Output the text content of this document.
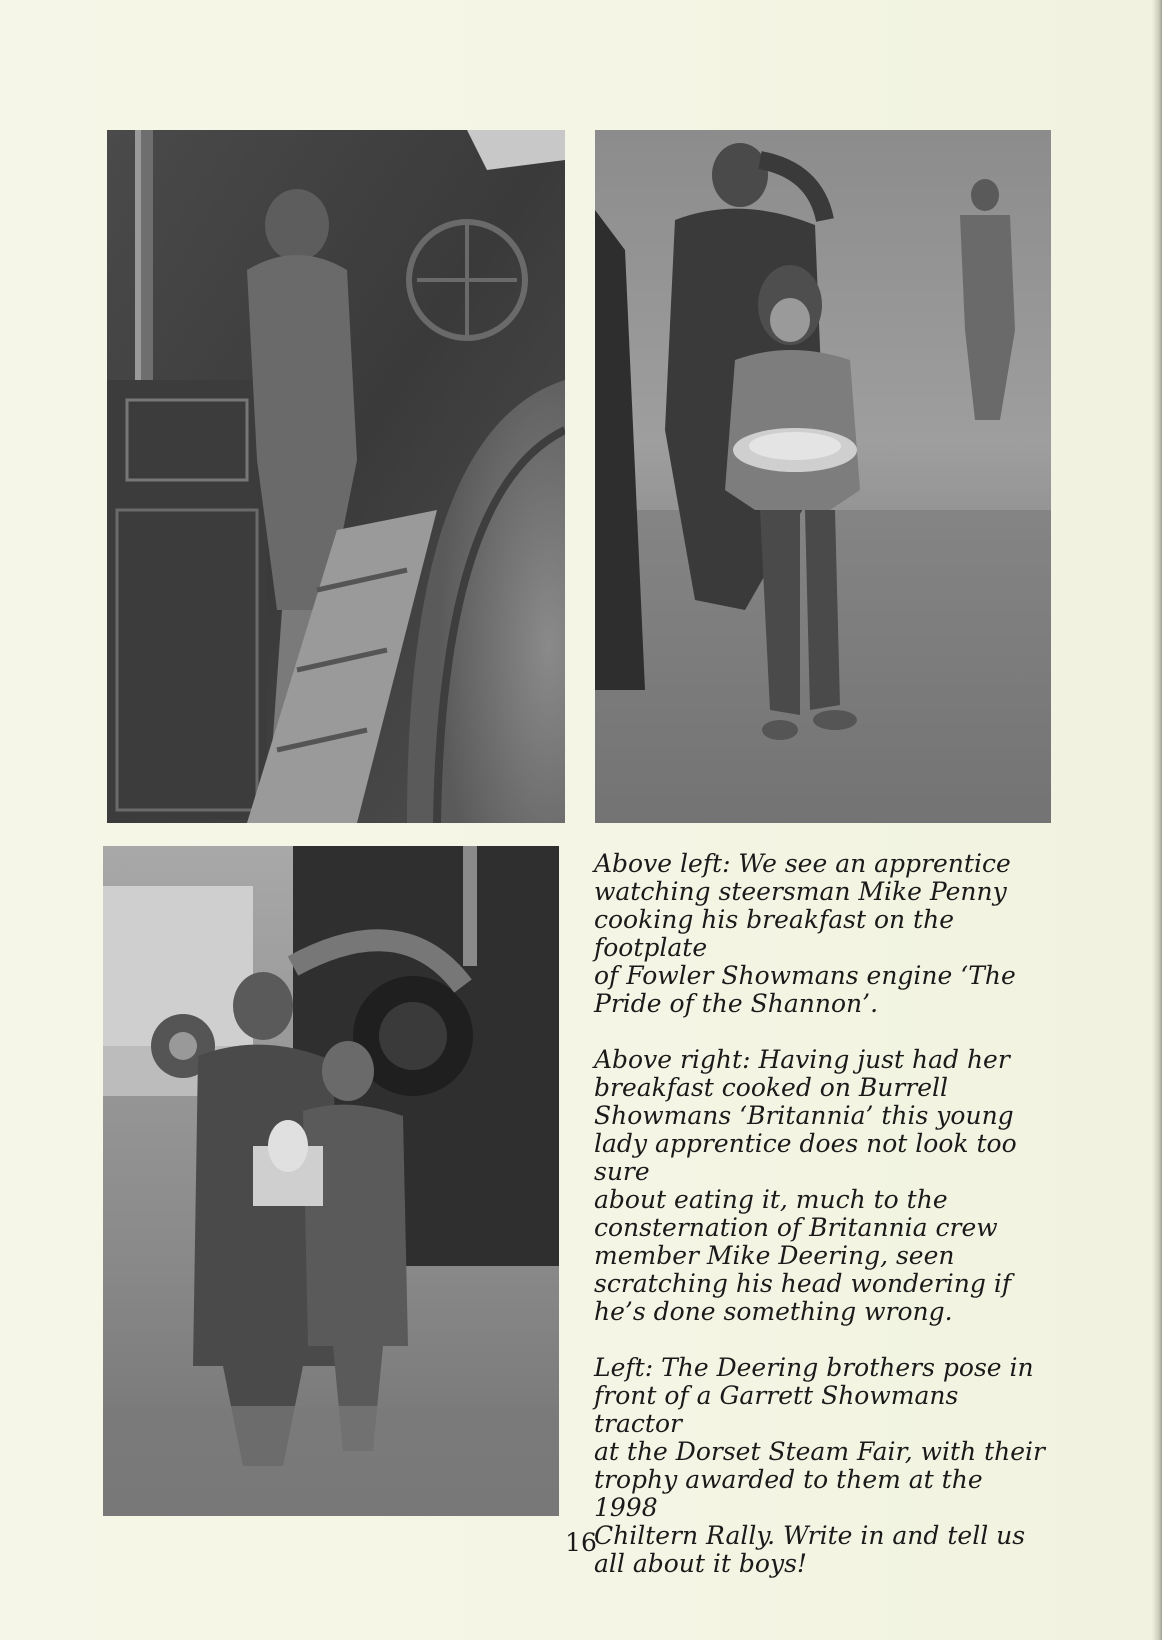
Above left: We see an apprentice
watching steersman Mike Penny
cooking his breakfast on the footplate
of Fowler Showmans engine ‘The
Pride of the Shannon’.

Above right: Having just had her
breakfast cooked on Burrell
Showmans ‘Britannia’ this young
lady apprentice does not look too sure
about eating it, much to the
consternation of Britannia crew
member Mike Deering, seen
scratching his head wondering if
he’s done something wrong.

Left: The Deering brothers pose in
front of a Garrett Showmans tractor
at the Dorset Steam Fair, with their
trophy awarded to them at the 1998
Chiltern Rally. Write in and tell us
all about it boys!

16
